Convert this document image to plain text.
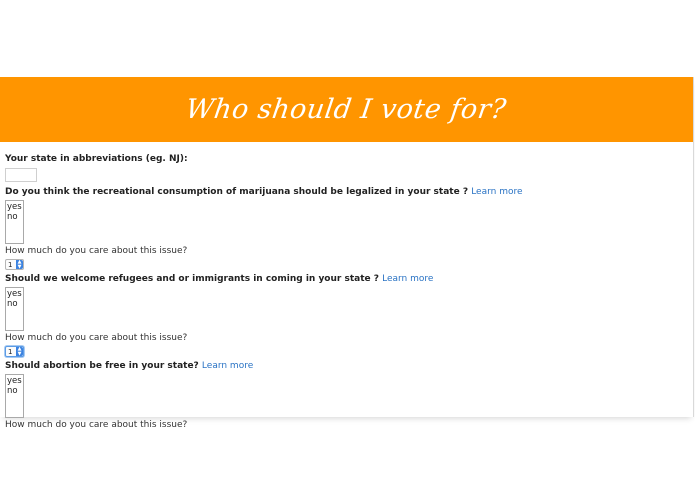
Who should I vote for?
Your state in abbreviations (eg. NJ):
Do you think the recreational consumption of marijuana should be legalized in your state ? Learn more
yes
no
How much do you care about this issue?
1	▲
▼
Should we welcome refugees and or immigrants in coming in your state ? Learn more
yes
no
How much do you care about this issue?
1	▲
▼
Should abortion be free in your state? Learn more
yes
no
How much do you care about this issue?
